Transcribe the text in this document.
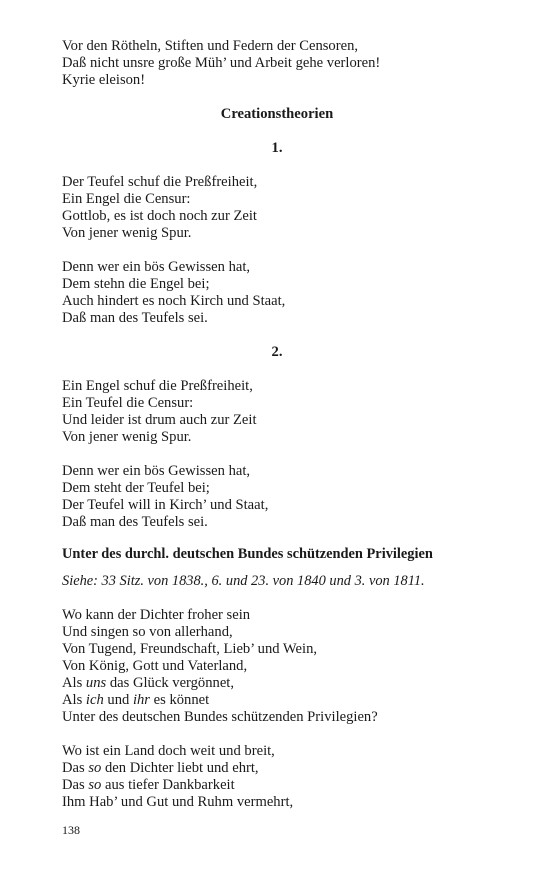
Vor den Rötheln, Stiften und Federn der Censoren,
Daß nicht unsre große Müh’ und Arbeit gehe verloren!
Kyrie eleison!
Creationstheorien
1.
Der Teufel schuf die Preßfreiheit,
Ein Engel die Censur:
Gottlob, es ist doch noch zur Zeit
Von jener wenig Spur.
Denn wer ein bös Gewissen hat,
Dem stehn die Engel bei;
Auch hindert es noch Kirch und Staat,
Daß man des Teufels sei.
2.
Ein Engel schuf die Preßfreiheit,
Ein Teufel die Censur:
Und leider ist drum auch zur Zeit
Von jener wenig Spur.
Denn wer ein bös Gewissen hat,
Dem steht der Teufel bei;
Der Teufel will in Kirch’ und Staat,
Daß man des Teufels sei.
Unter des durchl. deutschen Bundes schützenden Privilegien
Siehe: 33 Sitz. von 1838., 6. und 23. von 1840 und 3. von 1811.
Wo kann der Dichter froher sein
Und singen so von allerhand,
Von Tugend, Freundschaft, Lieb’ und Wein,
Von König, Gott und Vaterland,
Als uns das Glück vergönnet,
Als ich und ihr es könnet
Unter des deutschen Bundes schützenden Privilegien?
Wo ist ein Land doch weit und breit,
Das so den Dichter liebt und ehrt,
Das so aus tiefer Dankbarkeit
Ihm Hab’ und Gut und Ruhm vermehrt,
138
